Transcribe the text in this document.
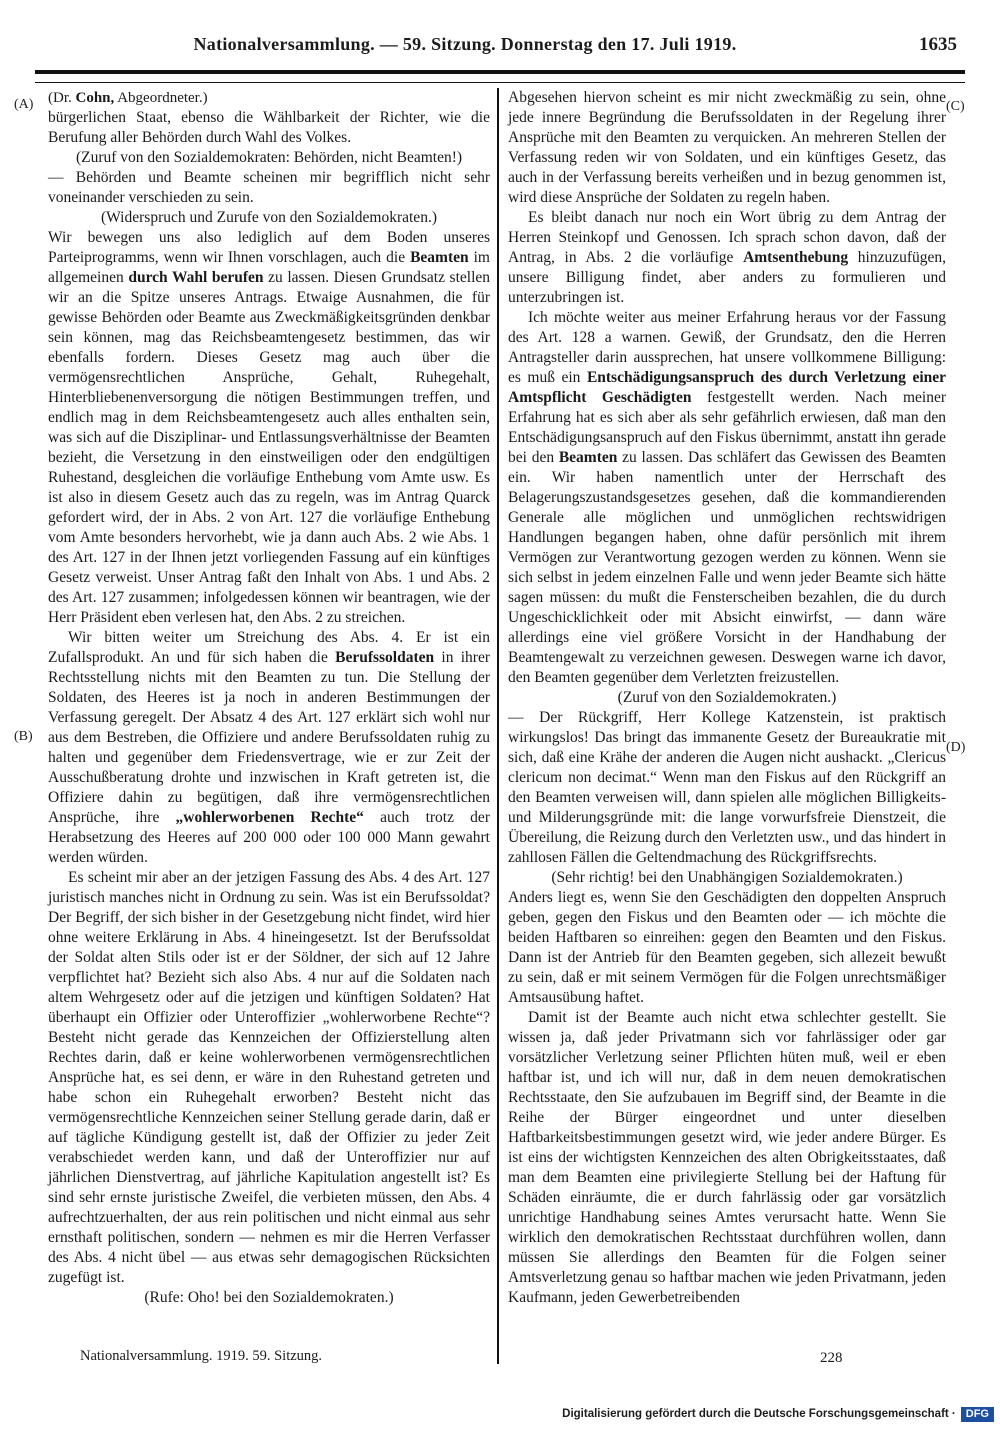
Nationalversammlung. — 59. Sitzung. Donnerstag den 17. Juli 1919.	1635
(A)
(B)
(C)
(D)
(Dr. Cohn, Abgeordneter.)
bürgerlichen Staat, ebenso die Wählbarkeit der Richter, wie die Berufung aller Behörden durch Wahl des Volkes.
(Zuruf von den Sozialdemokraten: Behörden, nicht Beamten!)
— Behörden und Beamte scheinen mir begrifflich nicht sehr voneinander verschieden zu sein.
(Widerspruch und Zurufe von den Sozialdemokraten.)
Wir bewegen uns also lediglich auf dem Boden unseres Parteiprogramms, wenn wir Ihnen vorschlagen, auch die Beamten im allgemeinen durch Wahl berufen zu lassen. Diesen Grundsatz stellen wir an die Spitze unseres Antrags. Etwaige Ausnahmen, die für gewisse Behörden oder Beamte aus Zweckmäßigkeitsgründen denkbar sein können, mag das Reichsbeamtengesetz bestimmen, das wir ebenfalls fordern. Dieses Gesetz mag auch über die vermögensrechtlichen Ansprüche, Gehalt, Ruhegehalt, Hinterbliebenenversorgung die nötigen Bestimmungen treffen, und endlich mag in dem Reichsbeamtengesetz auch alles enthalten sein, was sich auf die Disziplinar- und Entlassungsverhältnisse der Beamten bezieht, die Versetzung in den einstweiligen oder den endgültigen Ruhestand, desgleichen die vorläufige Enthebung vom Amte usw. Es ist also in diesem Gesetz auch das zu regeln, was im Antrag Quarck gefordert wird, der in Abs. 2 von Art. 127 die vorläufige Enthebung vom Amte besonders hervorhebt, wie ja dann auch Abs. 2 wie Abs. 1 des Art. 127 in der Ihnen jetzt vorliegenden Fassung auf ein künftiges Gesetz verweist. Unser Antrag faßt den Inhalt von Abs. 1 und Abs. 2 des Art. 127 zusammen; infolgedessen können wir beantragen, wie der Herr Präsident eben verlesen hat, den Abs. 2 zu streichen.
Wir bitten weiter um Streichung des Abs. 4. Er ist ein Zufallsprodukt. An und für sich haben die Berufssoldaten in ihrer Rechtsstellung nichts mit den Beamten zu tun. Die Stellung der Soldaten, des Heeres ist ja noch in anderen Bestimmungen der Verfassung geregelt. Der Absatz 4 des Art. 127 erklärt sich wohl nur aus dem Bestreben, die Offiziere und andere Berufssoldaten ruhig zu halten und gegenüber dem Friedensvertrage, wie er zur Zeit der Ausschußberatung drohte und inzwischen in Kraft getreten ist, die Offiziere dahin zu begütigen, daß ihre vermögensrechtlichen Ansprüche, ihre „wohlerworbenen Rechte“ auch trotz der Herabsetzung des Heeres auf 200 000 oder 100 000 Mann gewahrt werden würden.
Es scheint mir aber an der jetzigen Fassung des Abs. 4 des Art. 127 juristisch manches nicht in Ordnung zu sein. Was ist ein Berufssoldat? Der Begriff, der sich bisher in der Gesetzgebung nicht findet, wird hier ohne weitere Erklärung in Abs. 4 hineingesetzt. Ist der Berufssoldat der Soldat alten Stils oder ist er der Söldner, der sich auf 12 Jahre verpflichtet hat? Bezieht sich also Abs. 4 nur auf die Soldaten nach altem Wehrgesetz oder auf die jetzigen und künftigen Soldaten? Hat überhaupt ein Offizier oder Unteroffizier „wohlerworbene Rechte“? Besteht nicht gerade das Kennzeichen der Offizierstellung alten Rechtes darin, daß er keine wohlerworbenen vermögensrechtlichen Ansprüche hat, es sei denn, er wäre in den Ruhestand getreten und habe schon ein Ruhegehalt erworben? Besteht nicht das vermögensrechtliche Kennzeichen seiner Stellung gerade darin, daß er auf tägliche Kündigung gestellt ist, daß der Offizier zu jeder Zeit verabschiedet werden kann, und daß der Unteroffizier nur auf jährlichen Dienstvertrag, auf jährliche Kapitulation angestellt ist? Es sind sehr ernste juristische Zweifel, die verbieten müssen, den Abs. 4 aufrechtzuerhalten, der aus rein politischen und nicht einmal aus sehr ernsthaft politischen, sondern — nehmen es mir die Herren Verfasser des Abs. 4 nicht übel — aus etwas sehr demagogischen Rücksichten zugefügt ist.
(Rufe: Oho! bei den Sozialdemokraten.)
Abgesehen hiervon scheint es mir nicht zweckmäßig zu sein, ohne jede innere Begründung die Berufssoldaten in der Regelung ihrer Ansprüche mit den Beamten zu verquicken. An mehreren Stellen der Verfassung reden wir von Soldaten, und ein künftiges Gesetz, das auch in der Verfassung bereits verheißen und in bezug genommen ist, wird diese Ansprüche der Soldaten zu regeln haben.
Es bleibt danach nur noch ein Wort übrig zu dem Antrag der Herren Steinkopf und Genossen. Ich sprach schon davon, daß der Antrag, in Abs. 2 die vorläufige Amtsenthebung hinzuzufügen, unsere Billigung findet, aber anders zu formulieren und unterzubringen ist.
Ich möchte weiter aus meiner Erfahrung heraus vor der Fassung des Art. 128 a warnen. Gewiß, der Grundsatz, den die Herren Antragsteller darin aussprechen, hat unsere vollkommene Billigung: es muß ein Entschädigungsanspruch des durch Verletzung einer Amtspflicht Geschädigten festgestellt werden. Nach meiner Erfahrung hat es sich aber als sehr gefährlich erwiesen, daß man den Entschädigungsanspruch auf den Fiskus übernimmt, anstatt ihn gerade bei den Beamten zu lassen. Das schläfert das Gewissen des Beamten ein. Wir haben namentlich unter der Herrschaft des Belagerungszustandsgesetzes gesehen, daß die kommandierenden Generale alle möglichen und unmöglichen rechtswidrigen Handlungen begangen haben, ohne dafür persönlich mit ihrem Vermögen zur Verantwortung gezogen werden zu können. Wenn sie sich selbst in jedem einzelnen Falle und wenn jeder Beamte sich hätte sagen müssen: du mußt die Fensterscheiben bezahlen, die du durch Ungeschicklichkeit oder mit Absicht einwirfst, — dann wäre allerdings eine viel größere Vorsicht in der Handhabung der Beamtengewalt zu verzeichnen gewesen. Deswegen warne ich davor, den Beamten gegenüber dem Verletzten freizustellen.
(Zuruf von den Sozialdemokraten.)
— Der Rückgriff, Herr Kollege Katzenstein, ist praktisch wirkungslos! Das bringt das immanente Gesetz der Bureaukratie mit sich, daß eine Krähe der anderen die Augen nicht aushackt. „Clericus clericum non decimat.“ Wenn man den Fiskus auf den Rückgriff an den Beamten verweisen will, dann spielen alle möglichen Billigkeits- und Milderungsgründe mit: die lange vorwurfsfreie Dienstzeit, die Übereilung, die Reizung durch den Verletzten usw., und das hindert in zahllosen Fällen die Geltendmachung des Rückgriffsrechts.
(Sehr richtig! bei den Unabhängigen Sozialdemokraten.)
Anders liegt es, wenn Sie den Geschädigten den doppelten Anspruch geben, gegen den Fiskus und den Beamten oder — ich möchte die beiden Haftbaren so einreihen: gegen den Beamten und den Fiskus. Dann ist der Antrieb für den Beamten gegeben, sich allezeit bewußt zu sein, daß er mit seinem Vermögen für die Folgen unrechtsmäßiger Amtsausübung haftet.
Damit ist der Beamte auch nicht etwa schlechter gestellt. Sie wissen ja, daß jeder Privatmann sich vor fahrlässiger oder gar vorsätzlicher Verletzung seiner Pflichten hüten muß, weil er eben haftbar ist, und ich will nur, daß in dem neuen demokratischen Rechtsstaate, den Sie aufzubauen im Begriff sind, der Beamte in die Reihe der Bürger eingeordnet und unter dieselben Haftbarkeitsbestimmungen gesetzt wird, wie jeder andere Bürger. Es ist eins der wichtigsten Kennzeichen des alten Obrigkeitsstaates, daß man dem Beamten eine privilegierte Stellung bei der Haftung für Schäden einräumte, die er durch fahrlässig oder gar vorsätzlich unrichtige Handhabung seines Amtes verursacht hatte. Wenn Sie wirklich den demokratischen Rechtsstaat durchführen wollen, dann müssen Sie allerdings den Beamten für die Folgen seiner Amtsverletzung genau so haftbar machen wie jeden Privatmann, jeden Kaufmann, jeden Gewerbetreibenden
Nationalversammlung. 1919. 59. Sitzung.	228
Digitalisierung gefördert durch die Deutsche Forschungsgemeinschaft · DFG
